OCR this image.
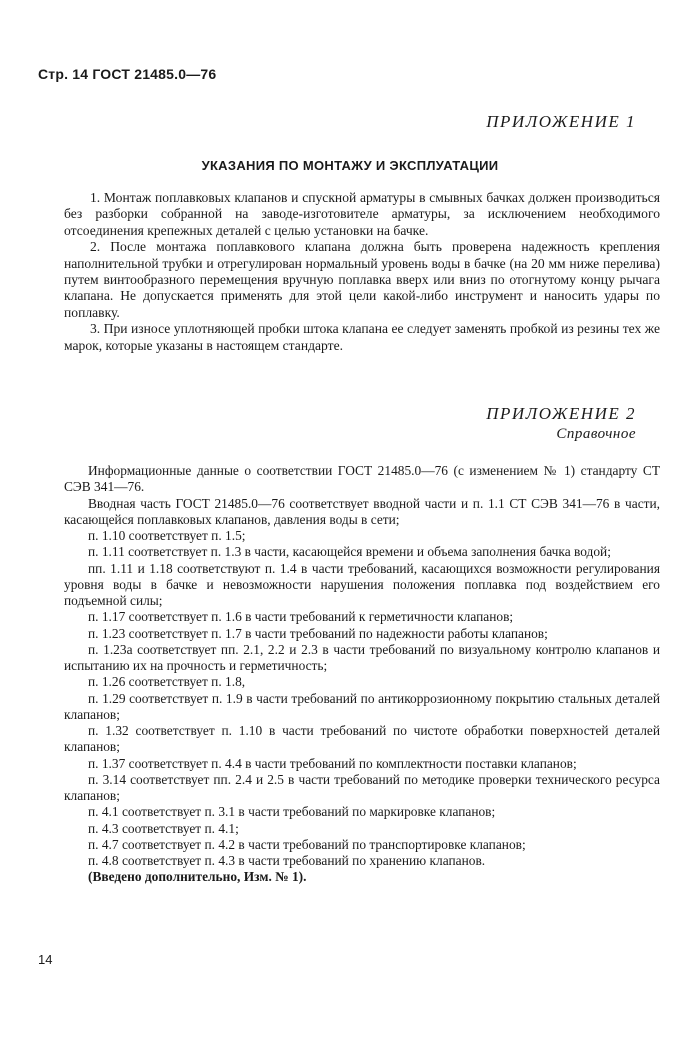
Стр. 14 ГОСТ 21485.0—76
ПРИЛОЖЕНИЕ 1
УКАЗАНИЯ ПО МОНТАЖУ И ЭКСПЛУАТАЦИИ

1. Монтаж поплавковых клапанов и спускной арматуры в смывных бачках должен производиться без разборки собранной на заводе-изготовителе арматуры, за исключением необходимого отсоединения крепежных деталей с целью установки на бачке.

2. После монтажа поплавкового клапана должна быть проверена надежность крепления наполнительной трубки и отрегулирован нормальный уровень воды в бачке (на 20 мм ниже перелива) путем винтообразного перемещения вручную поплавка вверх или вниз по отогнутому концу рычага клапана. Не допускается применять для этой цели какой-либо инструмент и наносить удары по поплавку.

3. При износе уплотняющей пробки штока клапана ее следует заменять пробкой из резины тех же марок, которые указаны в настоящем стандарте.

ПРИЛОЖЕНИЕ 2
Справочное

Информационные данные о соответствии ГОСТ 21485.0—76 (с изменением № 1) стандарту СТ СЭВ 341—76.

Вводная часть ГОСТ 21485.0—76 соответствует вводной части и п. 1.1 СТ СЭВ 341—76 в части, касающейся поплавковых клапанов, давления воды в сети;

п. 1.10 соответствует п. 1.5;

п. 1.11 соответствует п. 1.3 в части, касающейся времени и объема заполнения бачка водой;

пп. 1.11 и 1.18 соответствуют п. 1.4 в части требований, касающихся возможности регулирования уровня воды в бачке и невозможности нарушения положения поплавка под воздействием его подъемной силы;

п. 1.17 соответствует п. 1.6 в части требований к герметичности клапанов;

п. 1.23 соответствует п. 1.7 в части требований по надежности работы клапанов;

п. 1.23а соответствует пп. 2.1, 2.2 и 2.3 в части требований по визуальному контролю клапанов и испытанию их на прочность и герметичность;

п. 1.26 соответствует п. 1.8,

п. 1.29 соответствует п. 1.9 в части требований по антикоррозионному покрытию стальных деталей клапанов;

п. 1.32 соответствует п. 1.10 в части требований по чистоте обработки поверхностей деталей клапанов;

п. 1.37 соответствует п. 4.4 в части требований по комплектности поставки клапанов;

п. 3.14 соответствует пп. 2.4 и 2.5 в части требований по методике проверки технического ресурса клапанов;

п. 4.1 соответствует п. 3.1 в части требований по маркировке клапанов;

п. 4.3 соответствует п. 4.1;

п. 4.7 соответствует п. 4.2 в части требований по транспортировке клапанов;

п. 4.8 соответствует п. 4.3 в части требований по хранению клапанов.

(Введено дополнительно, Изм. № 1).

14
